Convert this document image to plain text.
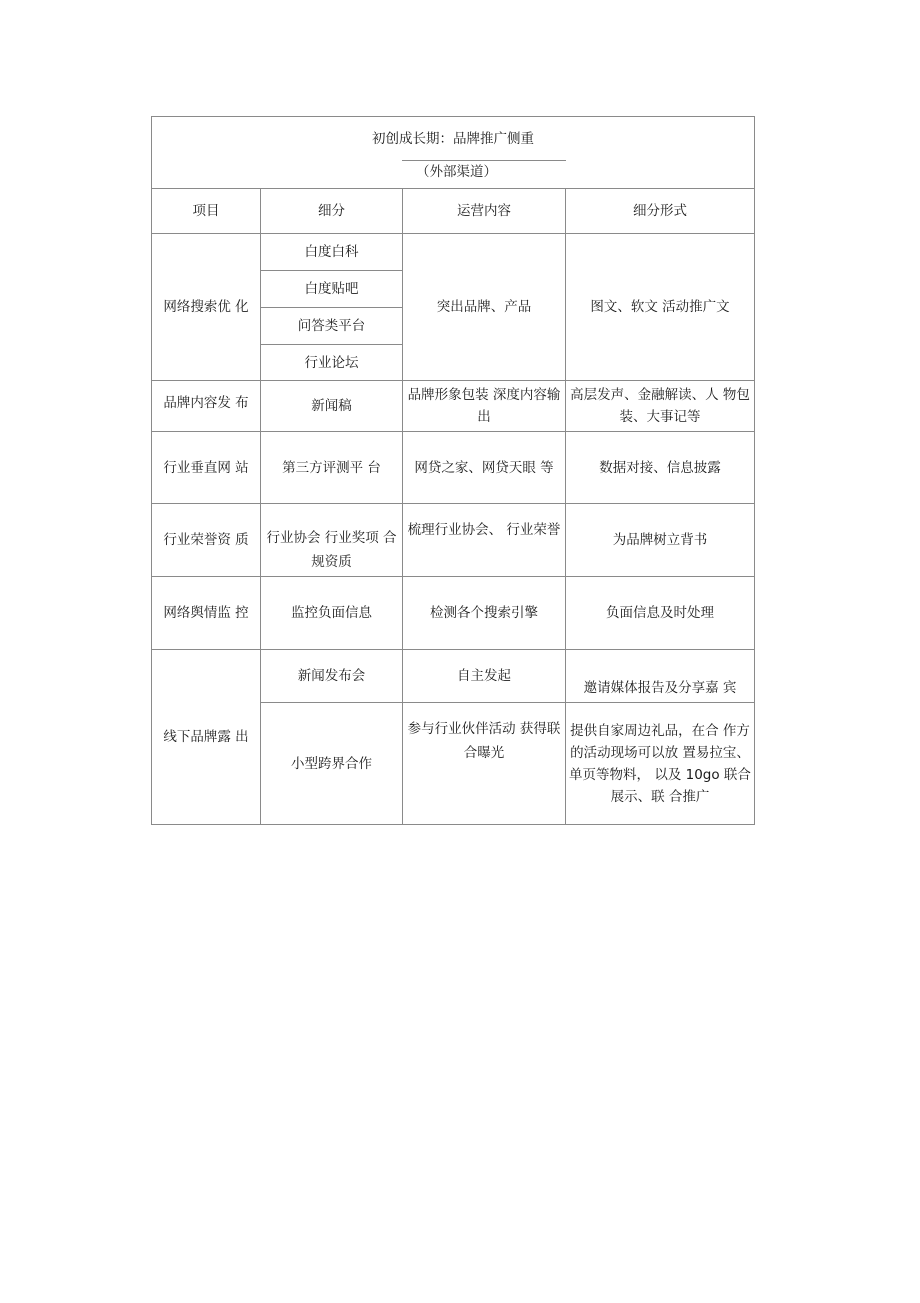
初创成长期：品牌推广侧重
（外部渠道）			

项目	细分	运营内容	细分形式
网络搜索优 化	白度白科	突出品牌、产品	图文、软文 活动推广文
	白度贴吧		
	问答类平台		
	行业论坛		
品牌内容发 布	新闻稿	品牌形象包装 深度内容输出	高层发声、金融解读、人 物包装、大事记等
行业垂直网 站	第三方评测平 台	网贷之家、网贷天眼 等	数据对接、信息披露
行业荣誉资 质	行业协会 行业奖项 合规资质	梳理行业协会、 行业荣誉	为品牌树立背书
网络舆情监 控	监控负面信息	检测各个搜索引擎	负面信息及时处理
线下品牌露 出	新闻发布会	自主发起	邀请媒体报告及分享嘉 宾
	小型跨界合作	参与行业伙伴活动 获得联合曝光	提供自家周边礼品，在合 作方的活动现场可以放 置易拉宝、单页等物料， 以及 10go 联合展示、联 合推广
